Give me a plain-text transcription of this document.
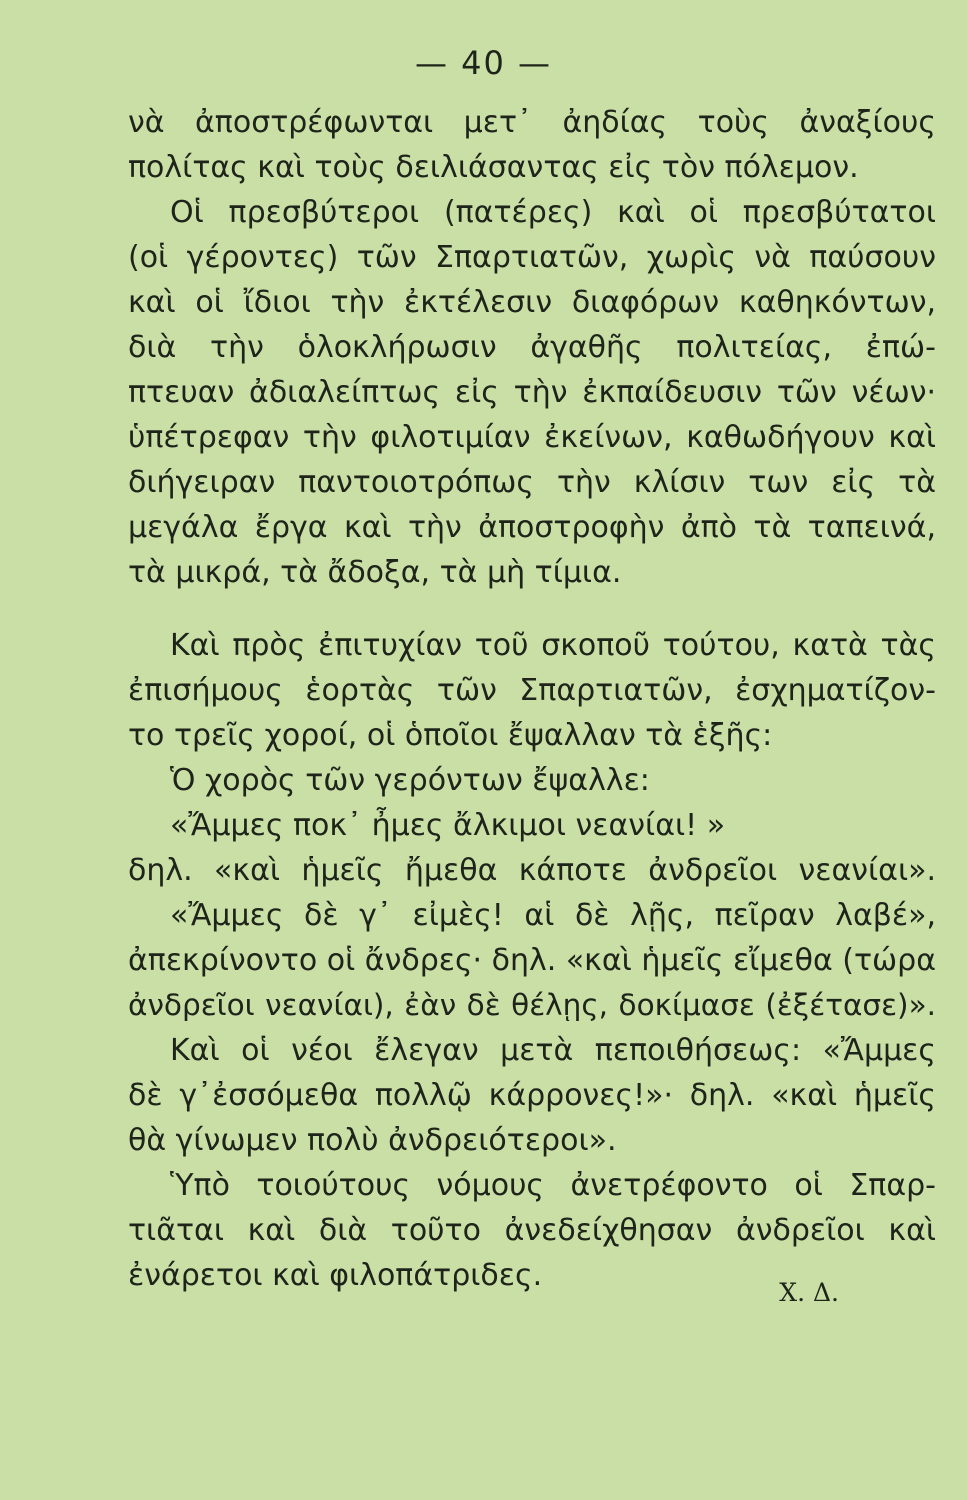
— 40 —
νὰ ἀποστρέφωνται μετ᾽ ἀηδίας τοὺς ἀναξίους
πολίτας καὶ τοὺς δειλιάσαντας εἰς τὸν πόλεμον.
Οἱ πρεσβύτεροι (πατέρες) καὶ οἱ πρεσβύτατοι
(οἱ γέροντες) τῶν Σπαρτιατῶν, χωρὶς νὰ παύσουν
καὶ οἱ ἴδιοι τὴν ἐκτέλεσιν διαφόρων καθηκόντων,
διὰ τὴν ὁλοκλήρωσιν ἀγαθῆς πολιτείας, ἐπώ-
πτευαν ἀδιαλείπτως εἰς τὴν ἐκπαίδευσιν τῶν νέων·
ὑπέτρεφαν τὴν φιλοτιμίαν ἐκείνων, καθωδήγουν καὶ
διήγειραν παντοιοτρόπως τὴν κλίσιν των εἰς τὰ
μεγάλα ἔργα καὶ τὴν ἀποστροφὴν ἀπὸ τὰ ταπεινά,
τὰ μικρά, τὰ ἄδοξα, τὰ μὴ τίμια.
Καὶ πρὸς ἐπιτυχίαν τοῦ σκοποῦ τούτου, κατὰ τὰς
ἐπισήμους ἑορτὰς τῶν Σπαρτιατῶν, ἐσχηματίζον-
το τρεῖς χοροί, οἱ ὁποῖοι ἔψαλλαν τὰ ἑξῆς:
Ὁ χορὸς τῶν γερόντων ἔψαλλε:
«Ἄμμες ποκ᾽ ἦμες ἄλκιμοι νεανίαι! »
δηλ. «καὶ ἡμεῖς ἤμεθα κάποτε ἀνδρεῖοι νεανίαι».
«Ἄμμες δὲ γ᾽ εἰμὲς! αἱ δὲ λῇς, πεῖραν λαβέ»,
ἀπεκρίνοντο οἱ ἄνδρες· δηλ. «καὶ ἡμεῖς εἴμεθα (τώρα
ἀνδρεῖοι νεανίαι), ἐὰν δὲ θέλῃς, δοκίμασε (ἐξέτασε)».
Καὶ οἱ νέοι ἔλεγαν μετὰ πεποιθήσεως: «Ἄμμες
δὲ γ᾽ἐσσόμεθα πολλῷ κάρρονες!»· δηλ. «καὶ ἡμεῖς
θὰ γίνωμεν πολὺ ἀνδρειότεροι».
Ὑπὸ τοιούτους νόμους ἀνετρέφοντο οἱ Σπαρ-
τιᾶται καὶ διὰ τοῦτο ἀνεδείχθησαν ἀνδρεῖοι καὶ
ἐνάρετοι καὶ φιλοπάτριδες.	Χ. Δ.
